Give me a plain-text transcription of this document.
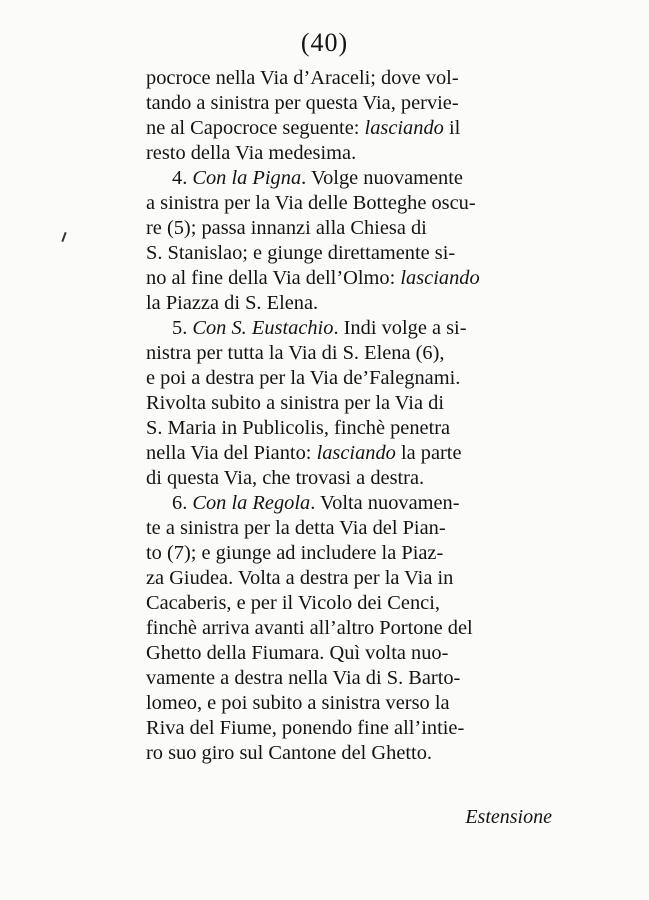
(40)
pocroce nella Via d’Araceli; dove vol-
tando a sinistra per questa Via, pervie-
ne al Capocroce seguente: lasciando il
resto della Via medesima.
4. Con la Pigna. Volge nuovamente
a sinistra per la Via delle Botteghe oscu-
re (5); passa innanzi alla Chiesa di
S. Stanislao; e giunge direttamente si-
no al fine della Via dell’Olmo: lasciando
la Piazza di S. Elena.
5. Con S. Eustachio. Indi volge a si-
nistra per tutta la Via di S. Elena (6),
e poi a destra per la Via de’Falegnami.
Rivolta subito a sinistra per la Via di
S. Maria in Publicolis, finchè penetra
nella Via del Pianto: lasciando la parte
di questa Via, che trovasi a destra.
6. Con la Regola. Volta nuovamen-
te a sinistra per la detta Via del Pian-
to (7); e giunge ad includere la Piaz-
za Giudea. Volta a destra per la Via in
Cacaberis, e per il Vicolo dei Cenci,
finchè arriva avanti all’altro Portone del
Ghetto della Fiumara. Quì volta nuo-
vamente a destra nella Via di S. Barto-
lomeo, e poi subito a sinistra verso la
Riva del Fiume, ponendo fine all’intie-
ro suo giro sul Cantone del Ghetto.
Estensione
